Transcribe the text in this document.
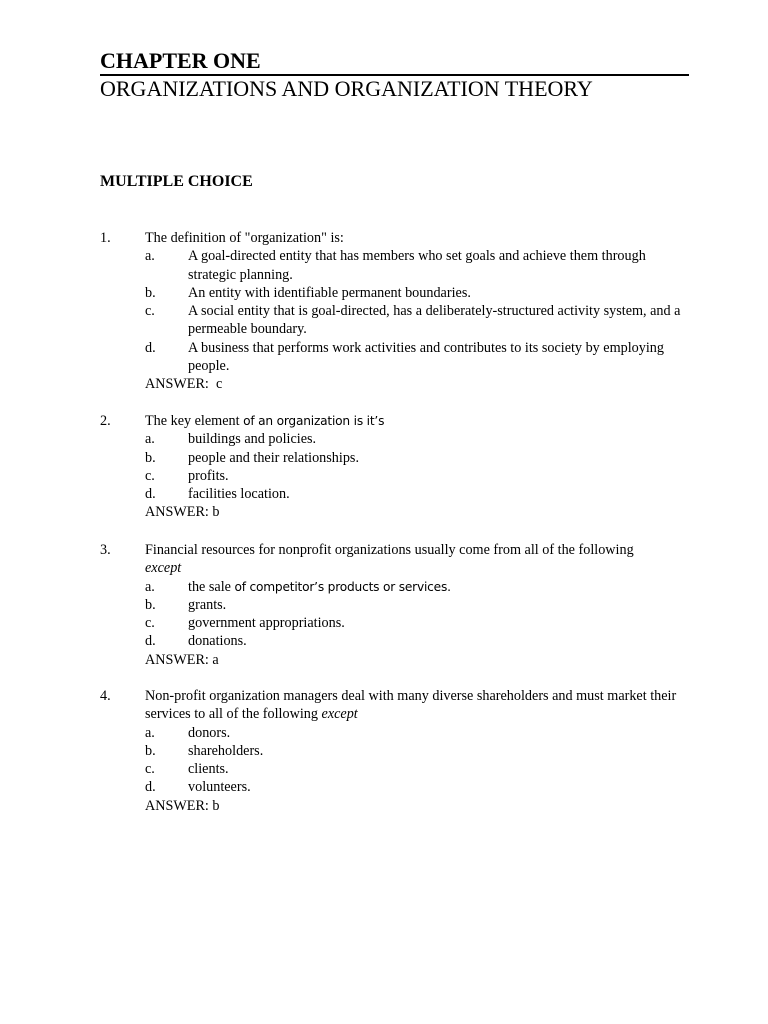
CHAPTER ONE
ORGANIZATIONS AND ORGANIZATION THEORY
MULTIPLE CHOICE
1. The definition of "organization" is:
a. A goal-directed entity that has members who set goals and achieve them through strategic planning.
b. An entity with identifiable permanent boundaries.
c. A social entity that is goal-directed, has a deliberately-structured activity system, and a permeable boundary.
d. A business that performs work activities and contributes to its society by employing people.
ANSWER:  c
2. The key element of an organization is it’s
a. buildings and policies.
b. people and their relationships.
c. profits.
d. facilities location.
ANSWER: b
3. Financial resources for nonprofit organizations usually come from all of the following
except
a. the sale of competitor’s products or services.
b. grants.
c. government appropriations.
d. donations.
ANSWER: a
4. Non-profit organization managers deal with many diverse shareholders and must market their services to all of the following except
a. donors.
b. shareholders.
c. clients.
d. volunteers.
ANSWER: b
